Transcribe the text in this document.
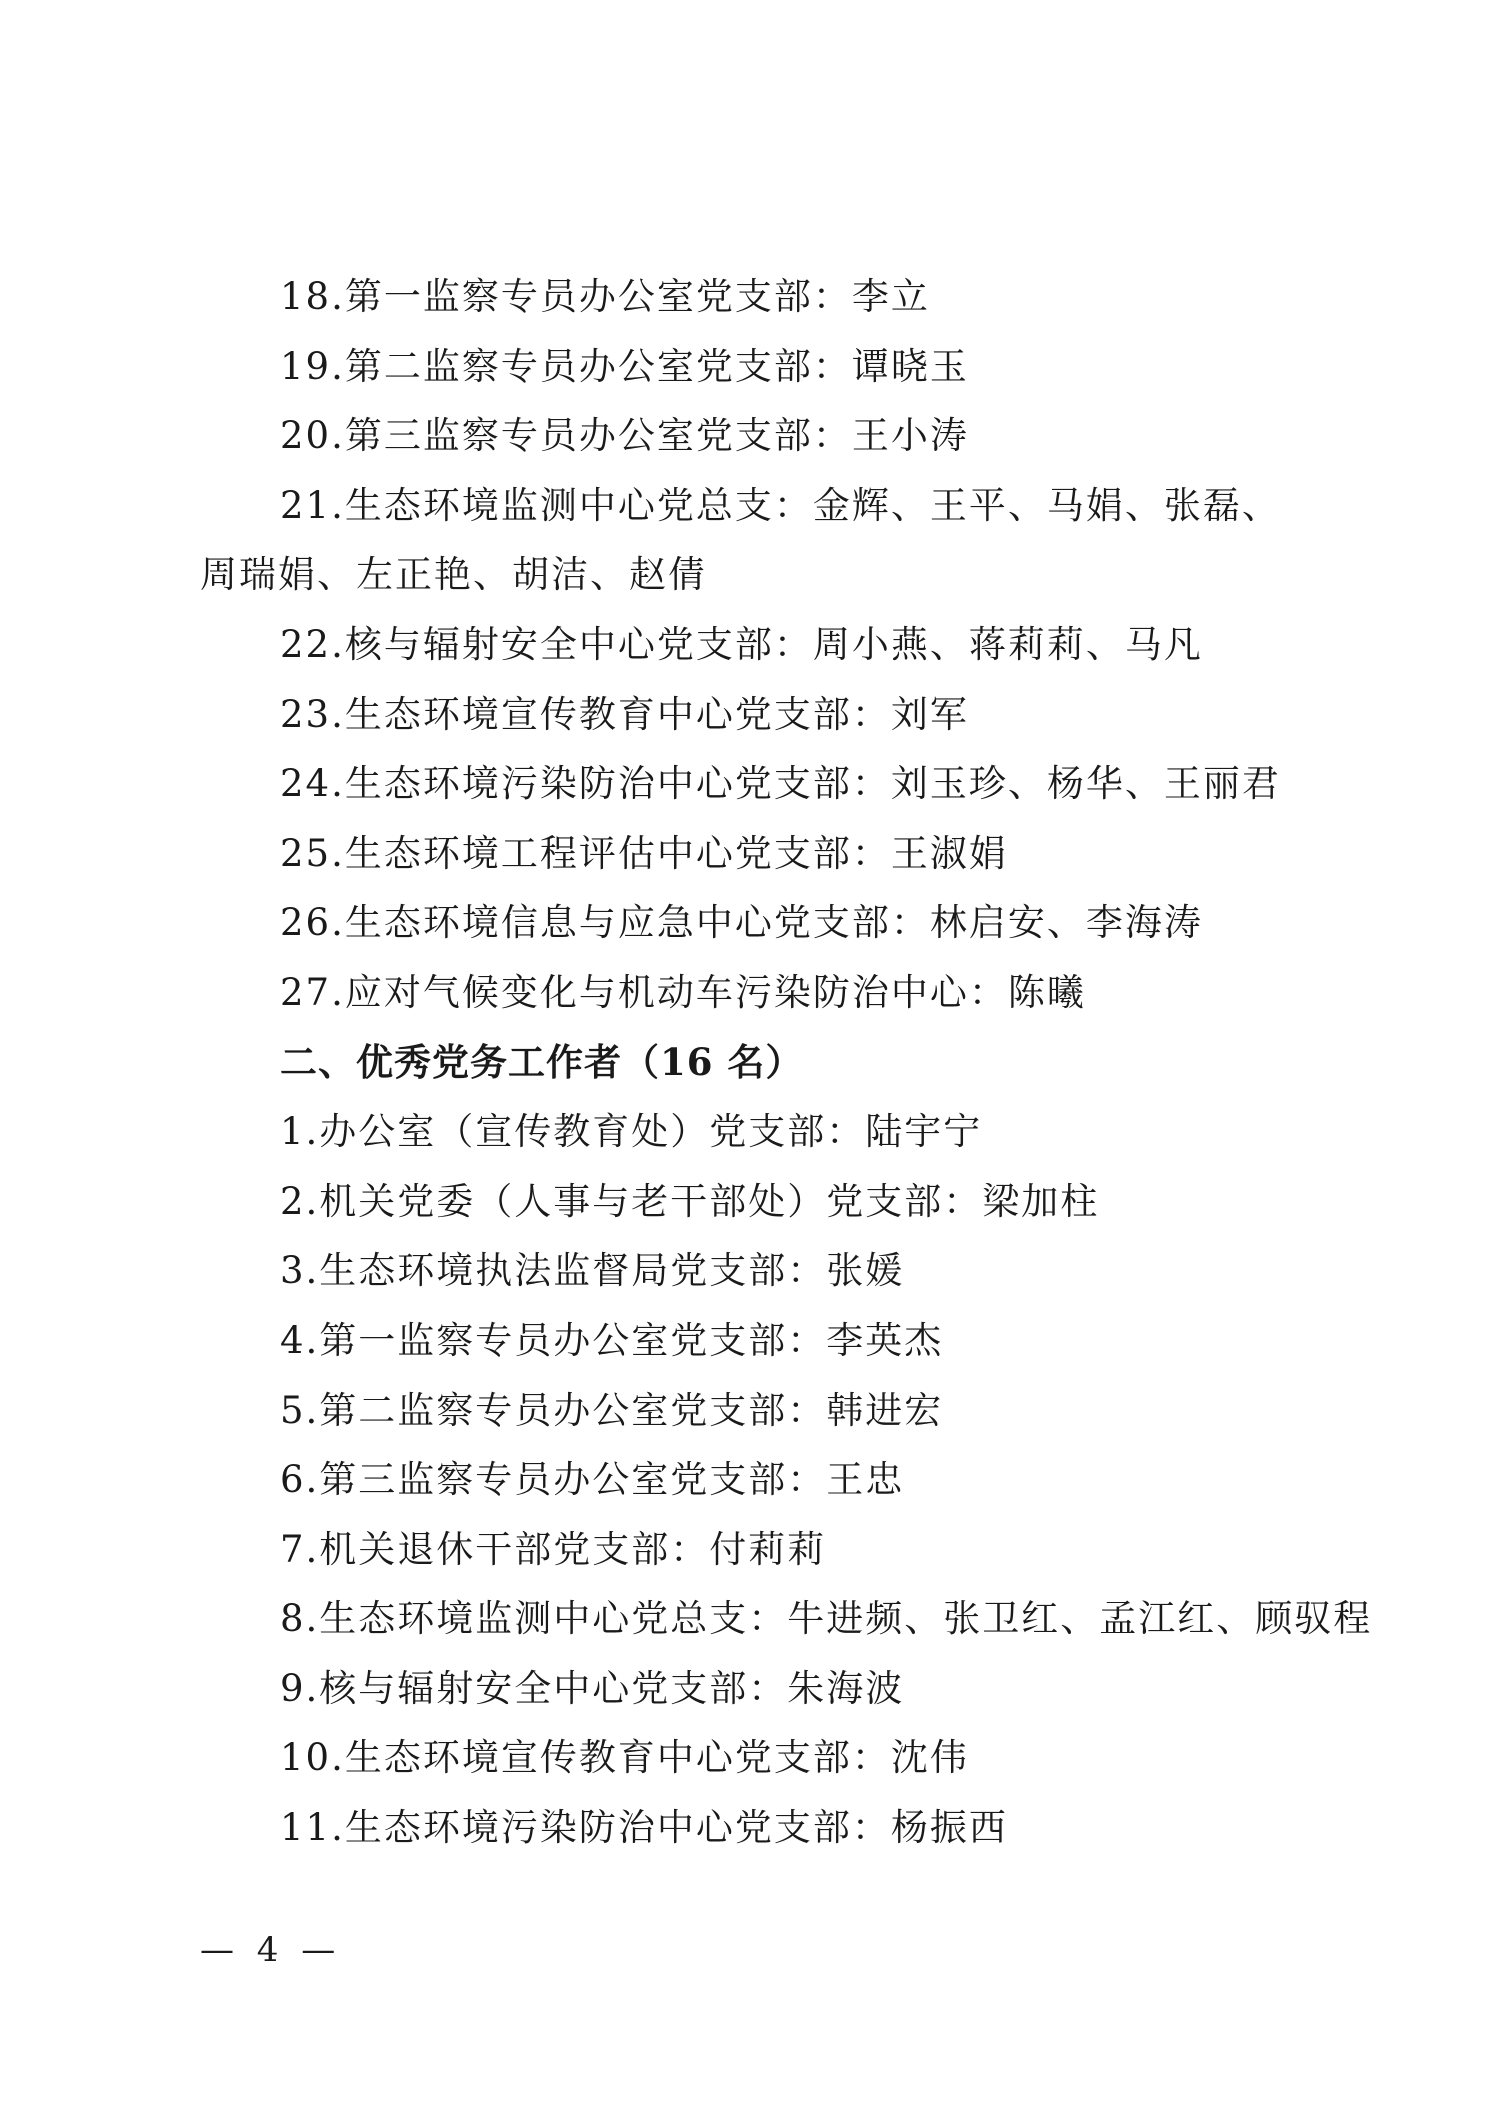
18.第一监察专员办公室党支部：李立
19.第二监察专员办公室党支部：谭晓玉
20.第三监察专员办公室党支部：王小涛
21.生态环境监测中心党总支：金辉、王平、马娟、张磊、
周瑞娟、左正艳、胡洁、赵倩
22.核与辐射安全中心党支部：周小燕、蒋莉莉、马凡
23.生态环境宣传教育中心党支部：刘军
24.生态环境污染防治中心党支部：刘玉珍、杨华、王丽君
25.生态环境工程评估中心党支部：王淑娟
26.生态环境信息与应急中心党支部：林启安、李海涛
27.应对气候变化与机动车污染防治中心：陈曦
二、优秀党务工作者（16 名）
1.办公室（宣传教育处）党支部：陆宇宁
2.机关党委（人事与老干部处）党支部：梁加柱
3.生态环境执法监督局党支部：张媛
4.第一监察专员办公室党支部：李英杰
5.第二监察专员办公室党支部：韩进宏
6.第三监察专员办公室党支部：王忠
7.机关退休干部党支部：付莉莉
8.生态环境监测中心党总支：牛进频、张卫红、孟江红、顾驭程
9.核与辐射安全中心党支部：朱海波
10.生态环境宣传教育中心党支部：沈伟
11.生态环境污染防治中心党支部：杨振西
— 4 —
